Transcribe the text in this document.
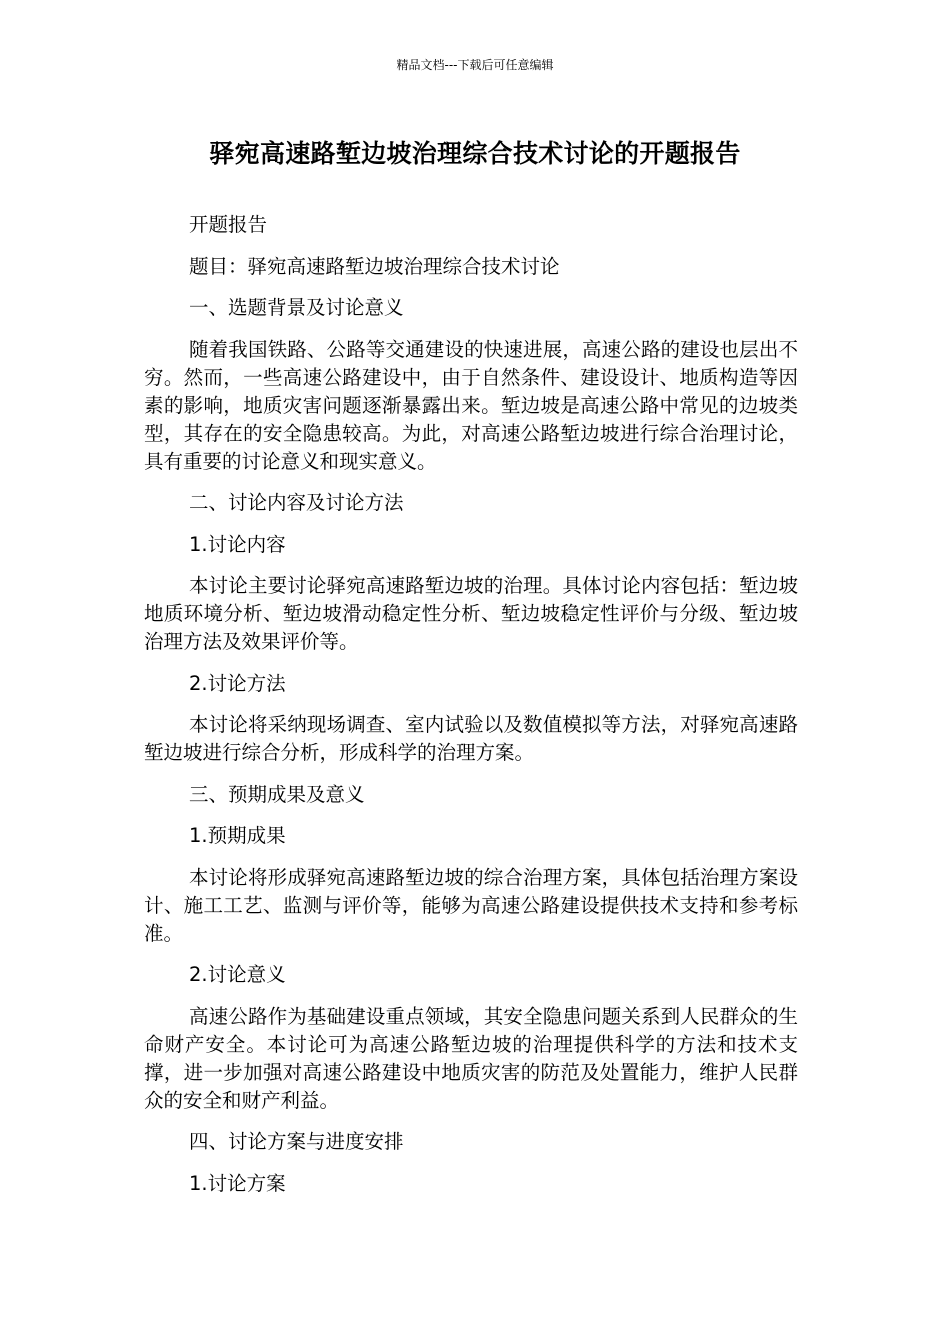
精品文档---下载后可任意编辑
驿宛高速路堑边坡治理综合技术讨论的开题报告

开题报告

题目：驿宛高速路堑边坡治理综合技术讨论

一、选题背景及讨论意义

随着我国铁路、公路等交通建设的快速进展，高速公路的建设也层出不穷。然而，一些高速公路建设中，由于自然条件、建设设计、地质构造等因素的影响，地质灾害问题逐渐暴露出来。堑边坡是高速公路中常见的边坡类型，其存在的安全隐患较高。为此，对高速公路堑边坡进行综合治理讨论，具有重要的讨论意义和现实意义。

二、讨论内容及讨论方法

1.讨论内容

本讨论主要讨论驿宛高速路堑边坡的治理。具体讨论内容包括：堑边坡地质环境分析、堑边坡滑动稳定性分析、堑边坡稳定性评价与分级、堑边坡治理方法及效果评价等。

2.讨论方法

本讨论将采纳现场调查、室内试验以及数值模拟等方法，对驿宛高速路堑边坡进行综合分析，形成科学的治理方案。

三、预期成果及意义

1.预期成果

本讨论将形成驿宛高速路堑边坡的综合治理方案，具体包括治理方案设计、施工工艺、监测与评价等，能够为高速公路建设提供技术支持和参考标准。

2.讨论意义

高速公路作为基础建设重点领域，其安全隐患问题关系到人民群众的生命财产安全。本讨论可为高速公路堑边坡的治理提供科学的方法和技术支撑，进一步加强对高速公路建设中地质灾害的防范及处置能力，维护人民群众的安全和财产利益。

四、讨论方案与进度安排

1.讨论方案
